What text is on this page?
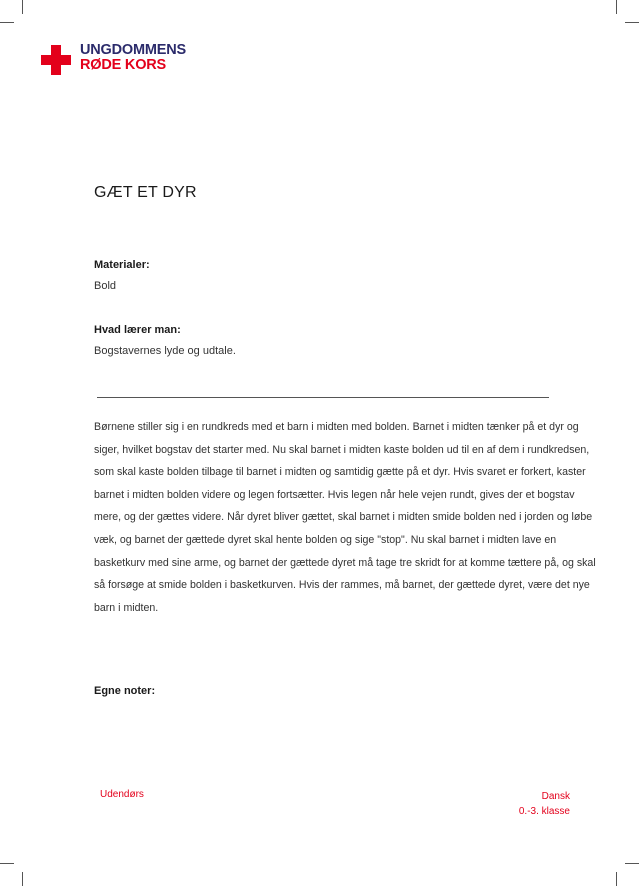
UNGDOMMENS
RØDE KORS
GÆT ET DYR
Materialer:
Bold
Hvad lærer man:
Bogstavernes lyde og udtale.
Børnene stiller sig i en rundkreds med et barn i midten med bolden. Barnet i midten tænker på et dyr og siger, hvilket bogstav det starter med. Nu skal barnet i midten kaste bolden ud til en af dem i rundkredsen, som skal kaste bolden tilbage til barnet i midten og samtidig gætte på et dyr. Hvis svaret er forkert, kaster barnet i midten bolden videre og legen fortsætter. Hvis legen når hele vejen rundt, gives der et bogstav mere, og der gættes videre. Når dyret bliver gættet, skal barnet i midten smide bolden ned i jorden og løbe væk, og barnet der gættede dyret skal hente bolden og sige "stop". Nu skal barnet i midten lave en basketkurv med sine arme, og barnet der gættede dyret må tage tre skridt for at komme tættere på, og skal så forsøge at smide bolden i basketkurven. Hvis der rammes, må barnet, der gættede dyret, være det nye barn i midten.
Egne noter:
Udendørs	Dansk
0.-3. klasse
